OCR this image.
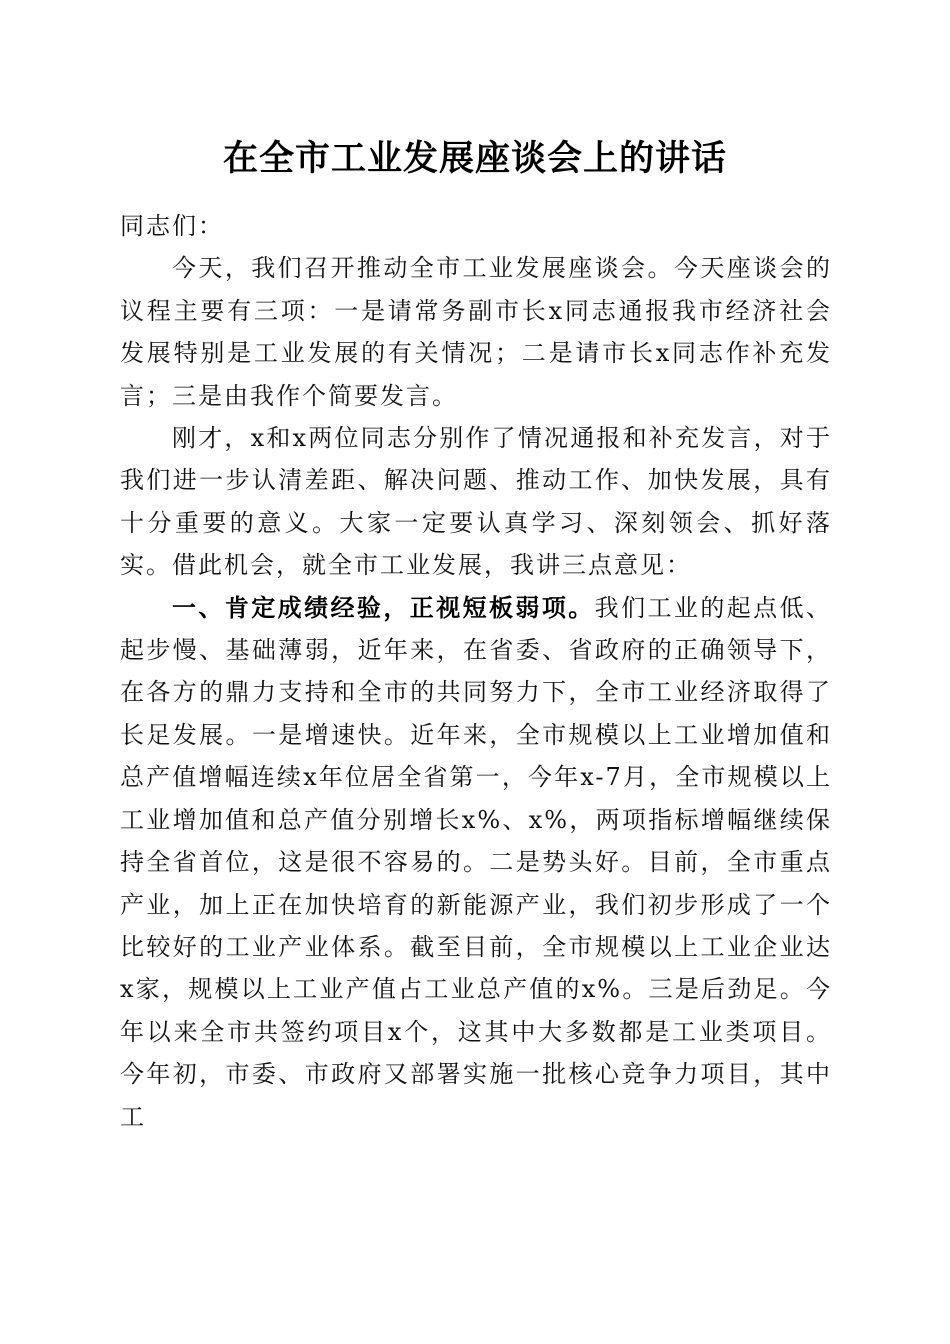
在全市工业发展座谈会上的讲话

同志们：

今天，我们召开推动全市工业发展座谈会。今天座谈会的议程主要有三项：一是请常务副市长x同志通报我市经济社会发展特别是工业发展的有关情况；二是请市长x同志作补充发言；三是由我作个简要发言。

刚才，x和x两位同志分别作了情况通报和补充发言，对于我们进一步认清差距、解决问题、推动工作、加快发展，具有十分重要的意义。大家一定要认真学习、深刻领会、抓好落实。借此机会，就全市工业发展，我讲三点意见：

一、肯定成绩经验，正视短板弱项。我们工业的起点低、起步慢、基础薄弱，近年来，在省委、省政府的正确领导下，在各方的鼎力支持和全市的共同努力下，全市工业经济取得了长足发展。一是增速快。近年来，全市规模以上工业增加值和总产值增幅连续x年位居全省第一，今年x-7月，全市规模以上工业增加值和总产值分别增长x%、x%，两项指标增幅继续保持全省首位，这是很不容易的。二是势头好。目前，全市重点产业，加上正在加快培育的新能源产业，我们初步形成了一个比较好的工业产业体系。截至目前，全市规模以上工业企业达x家，规模以上工业产值占工业总产值的x%。三是后劲足。今年以来全市共签约项目x个，这其中大多数都是工业类项目。今年初，市委、市政府又部署实施一批核心竞争力项目，其中工
